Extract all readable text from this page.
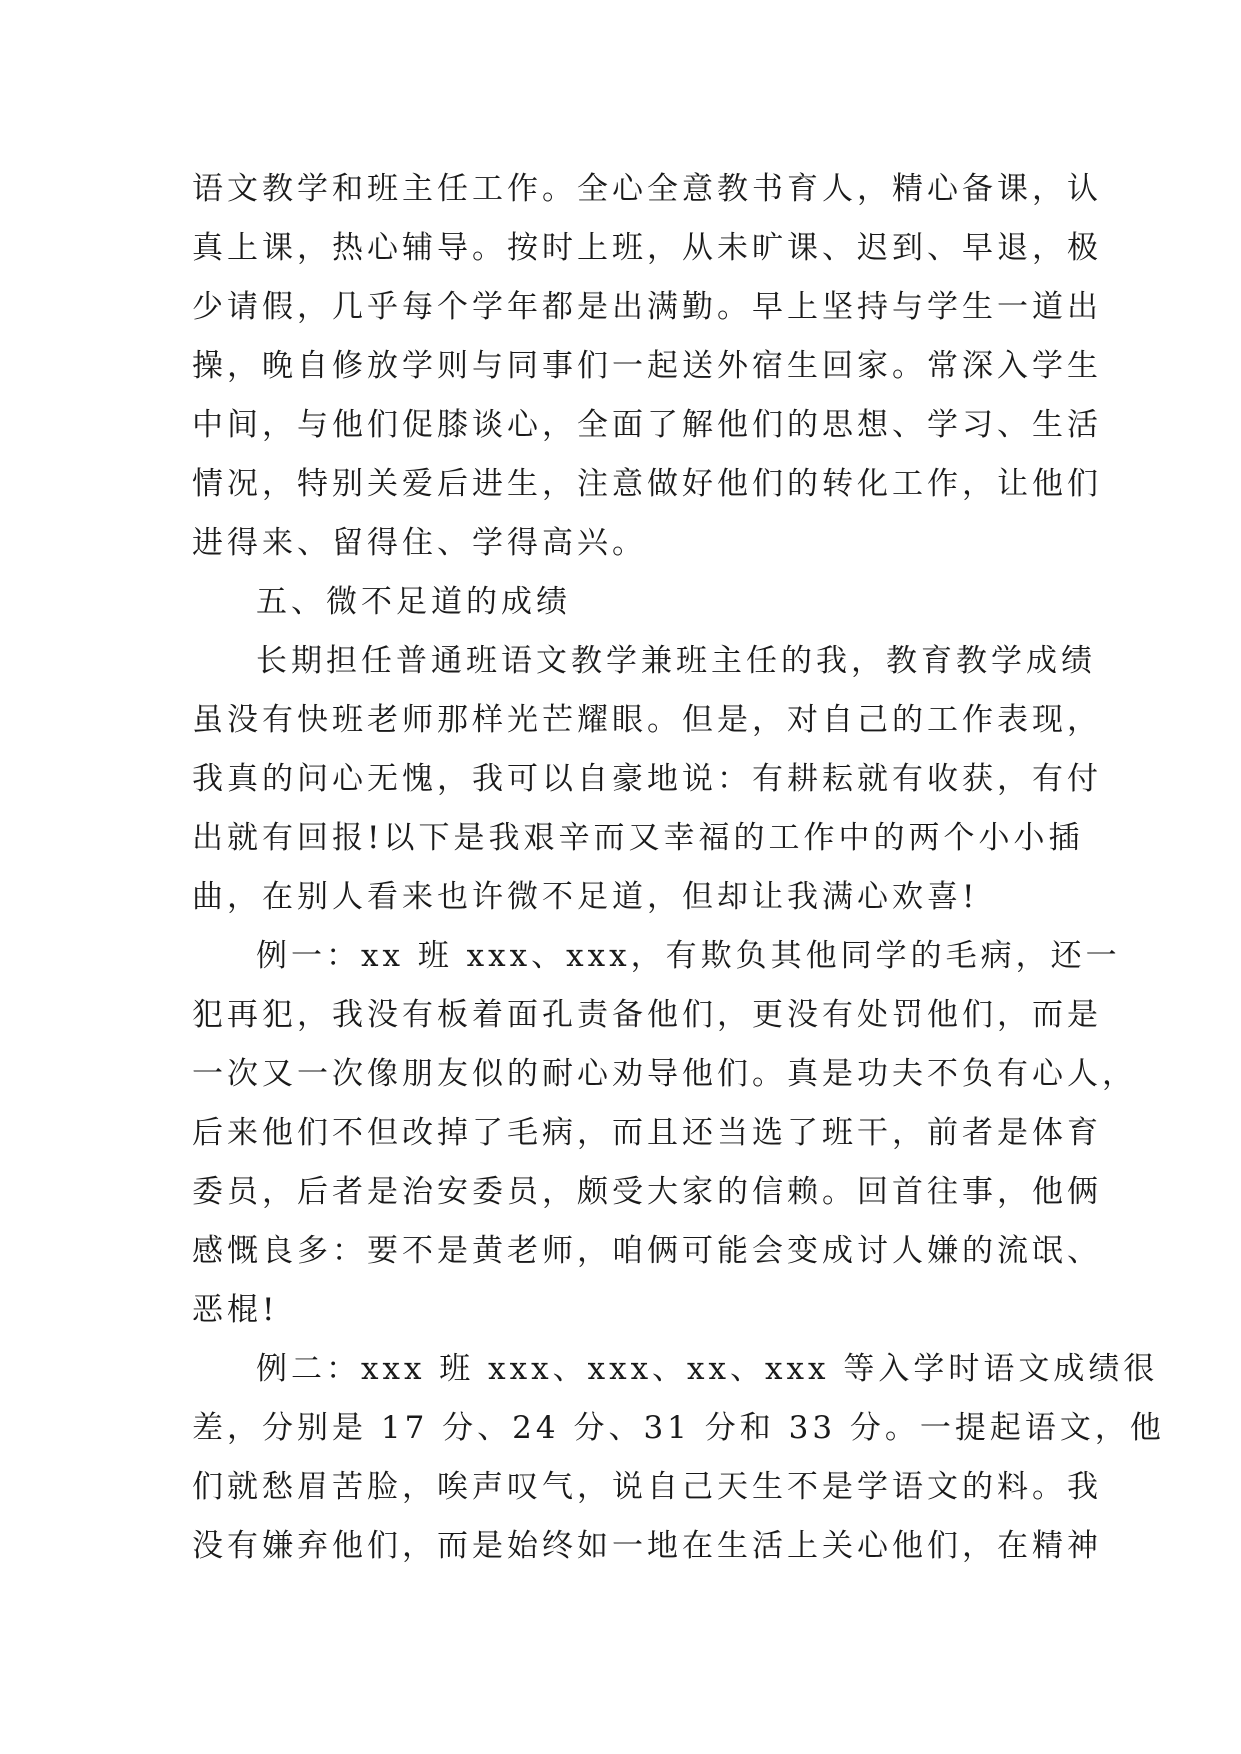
语文教学和班主任工作。全心全意教书育人，精心备课，认
真上课，热心辅导。按时上班，从未旷课、迟到、早退，极
少请假，几乎每个学年都是出满勤。早上坚持与学生一道出
操，晚自修放学则与同事们一起送外宿生回家。常深入学生
中间，与他们促膝谈心，全面了解他们的思想、学习、生活
情况，特别关爱后进生，注意做好他们的转化工作，让他们
进得来、留得住、学得高兴。
五、微不足道的成绩
长期担任普通班语文教学兼班主任的我，教育教学成绩
虽没有快班老师那样光芒耀眼。但是，对自己的工作表现，
我真的问心无愧，我可以自豪地说：有耕耘就有收获，有付
出就有回报!以下是我艰辛而又幸福的工作中的两个小小插
曲，在别人看来也许微不足道，但却让我满心欢喜!
例一：xx 班 xxx、xxx，有欺负其他同学的毛病，还一
犯再犯，我没有板着面孔责备他们，更没有处罚他们，而是
一次又一次像朋友似的耐心劝导他们。真是功夫不负有心人，
后来他们不但改掉了毛病，而且还当选了班干，前者是体育
委员，后者是治安委员，颇受大家的信赖。回首往事，他俩
感慨良多：要不是黄老师，咱俩可能会变成讨人嫌的流氓、
恶棍!
例二：xxx 班 xxx、xxx、xx、xxx 等入学时语文成绩很
差，分别是 17 分、24 分、31 分和 33 分。一提起语文，他
们就愁眉苦脸，唉声叹气，说自己天生不是学语文的料。我
没有嫌弃他们，而是始终如一地在生活上关心他们，在精神
